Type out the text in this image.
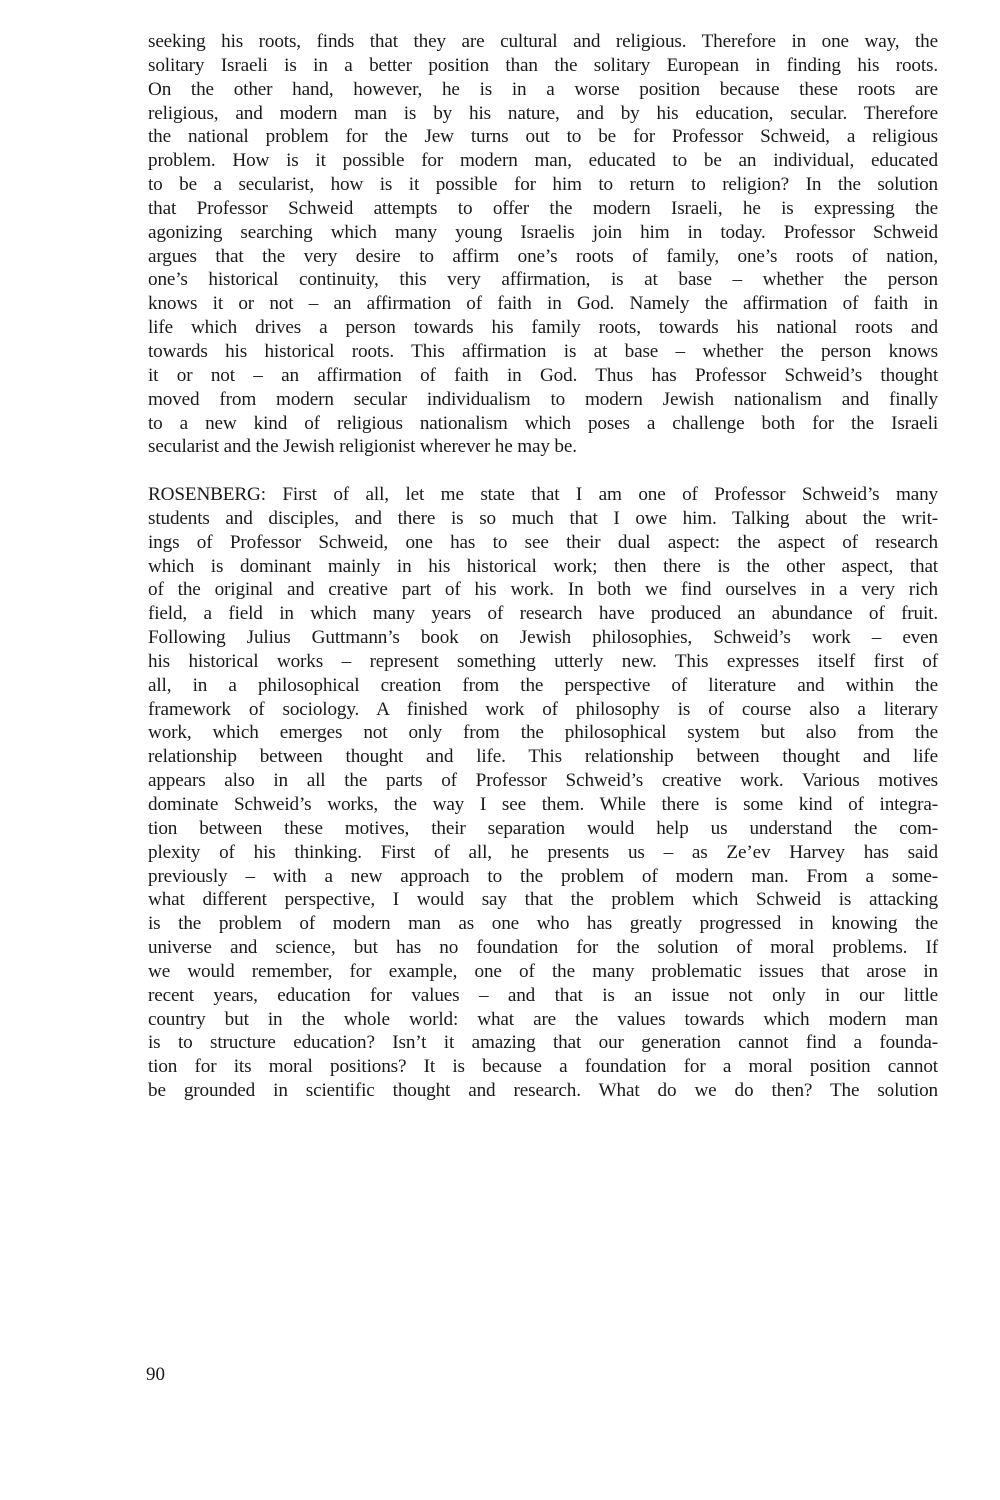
seeking his roots, finds that they are cultural and religious. Therefore in one way, the
solitary Israeli is in a better position than the solitary European in finding his roots.
On the other hand, however, he is in a worse position because these roots are
religious, and modern man is by his nature, and by his education, secular. Therefore
the national problem for the Jew turns out to be for Professor Schweid, a religious
problem. How is it possible for modern man, educated to be an individual, educated
to be a secularist, how is it possible for him to return to religion? In the solution
that Professor Schweid attempts to offer the modern Israeli, he is expressing the
agonizing searching which many young Israelis join him in today. Professor Schweid
argues that the very desire to affirm one’s roots of family, one’s roots of nation,
one’s historical continuity, this very affirmation, is at base – whether the person
knows it or not – an affirmation of faith in God. Namely the affirmation of faith in
life which drives a person towards his family roots, towards his national roots and
towards his historical roots. This affirmation is at base – whether the person knows
it or not – an affirmation of faith in God. Thus has Professor Schweid’s thought
moved from modern secular individualism to modern Jewish nationalism and finally
to a new kind of religious nationalism which poses a challenge both for the Israeli
secularist and the Jewish religionist wherever he may be.
ROSENBERG: First of all, let me state that I am one of Professor Schweid’s many
students and disciples, and there is so much that I owe him. Talking about the writ-
ings of Professor Schweid, one has to see their dual aspect: the aspect of research
which is dominant mainly in his historical work; then there is the other aspect, that
of the original and creative part of his work. In both we find ourselves in a very rich
field, a field in which many years of research have produced an abundance of fruit.
Following Julius Guttmann’s book on Jewish philosophies, Schweid’s work – even
his historical works – represent something utterly new. This expresses itself first of
all, in a philosophical creation from the perspective of literature and within the
framework of sociology. A finished work of philosophy is of course also a literary
work, which emerges not only from the philosophical system but also from the
relationship between thought and life. This relationship between thought and life
appears also in all the parts of Professor Schweid’s creative work. Various motives
dominate Schweid’s works, the way I see them. While there is some kind of integra-
tion between these motives, their separation would help us understand the com-
plexity of his thinking. First of all, he presents us – as Ze’ev Harvey has said
previously – with a new approach to the problem of modern man. From a some-
what different perspective, I would say that the problem which Schweid is attacking
is the problem of modern man as one who has greatly progressed in knowing the
universe and science, but has no foundation for the solution of moral problems. If
we would remember, for example, one of the many problematic issues that arose in
recent years, education for values – and that is an issue not only in our little
country but in the whole world: what are the values towards which modern man
is to structure education? Isn’t it amazing that our generation cannot find a founda-
tion for its moral positions? It is because a foundation for a moral position cannot
be grounded in scientific thought and research. What do we do then? The solution
90
